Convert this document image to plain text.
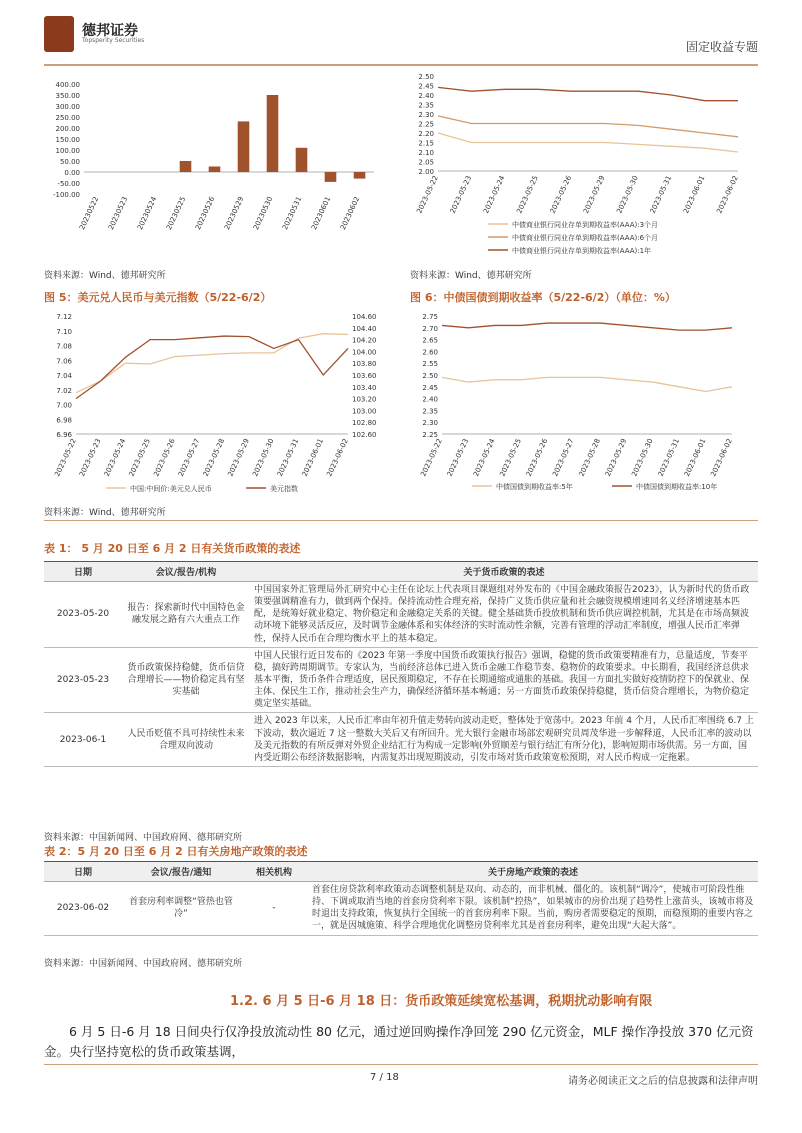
德邦证券
Topsperity Securities	固定收益专题
400.00
350.00
300.00
250.00
200.00
150.00
100.00
50.00
0.00
-50.00
-100.00
20230522 20230523 20230524 20230525 20230526 20230529 20230530 20230531 20230601 20230602
2.50
2.45
2.40
2.35
2.30
2.25
2.20
2.15
2.10
2.05
2.00
2023-05-22 2023-05-23 2023-05-24 2023-05-25 2023-05-26 2023-05-29 2023-05-30 2023-05-31 2023-06-01 2023-06-02
中债商业银行同业存单到期收益率(AAA):3个月
中债商业银行同业存单到期收益率(AAA):6个月
中债商业银行同业存单到期收益率(AAA):1年
资料来源：Wind、德邦研究所	资料来源：Wind、德邦研究所
图 5：美元兑人民币与美元指数（5/22-6/2）	图 6：中债国债到期收益率（5/22-6/2）（单位：%）
7.12
7.10
7.08
7.06
7.04
7.02
7.00
6.98
6.96
104.60
104.40
104.20
104.00
103.80
103.60
103.40
103.20
103.00
102.80
102.60
2023-05-22 2023-05-23 2023-05-24 2023-05-25 2023-05-26 2023-05-27 2023-05-28 2023-05-29 2023-05-30 2023-05-31 2023-06-01 2023-06-02
中国:中间价:美元兑人民币	美元指数
2.75
2.70
2.65
2.60
2.55
2.50
2.45
2.40
2.35
2.30
2.25
2023-05-22 2023-05-23 2023-05-24 2023-05-25 2023-05-26 2023-05-27 2023-05-28 2023-05-29 2023-05-30 2023-05-31 2023-06-01 2023-06-02
中债国债到期收益率:5年	中债国债到期收益率:10年
资料来源：Wind、德邦研究所
表 1： 5 月 20 日至 6 月 2 日有关货币政策的表述
日期	会议/报告/机构	关于货币政策的表述
2023-05-20	报告：探索新时代中国特色金融发展之路有六大重点工作	中国国家外汇管理局外汇研究中心主任在论坛上代表项目课题组对外发布的《中国金融政策报告2023》，认为新时代的货币政策要强调精准有力，做到两个保持。保持流动性合理充裕，保持广义货币供应量和社会融资规模增速同名义经济增速基本匹配，是统筹好就业稳定、物价稳定和金融稳定关系的关键。健全基础货币投放机制和货币供应调控机制，尤其是在市场高频波动环境下能够灵活反应，及时调节金融体系和实体经济的实时流动性余额，完善有管理的浮动汇率制度，增强人民币汇率弹性，保持人民币在合理均衡水平上的基本稳定。
2023-05-23	货币政策保持稳健，货币信贷合理增长——物价稳定具有坚实基础	中国人民银行近日发布的《2023 年第一季度中国货币政策执行报告》强调，稳健的货币政策要精准有力，总量适度，节奏平稳，搞好跨周期调节。专家认为，当前经济总体已进入货币金融工作稳节奏、稳物价的政策要求。中长期看，我国经济总供求基本平衡，货币条件合理适度，居民预期稳定，不存在长期通缩或通胀的基础。我国一方面扎实做好疫情防控下的保就业、保主体、保民生工作，推动社会生产力，确保经济循环基本畅通；另一方面货币政策保持稳健，货币信贷合理增长，为物价稳定奠定坚实基础。
2023-06-1	人民币贬值不具可持续性未来合理双向波动	进入 2023 年以来，人民币汇率由年初升值走势转向波动走贬，整体处于宽荡中。2023 年前 4 个月，人民币汇率围绕 6.7 上下波动，数次逼近 7 这一整数大关后又有所回升。光大银行金融市场部宏观研究员周茂华进一步解释道，人民币汇率的波动以及美元指数的有所反弹对外贸企业结汇行为构成一定影响(外贸顺差与银行结汇有所分化)，影响短期市场供需。另一方面，国内受近期公布经济数据影响，内需复苏出现短期波动，引发市场对货币政策宽松预期，对人民币构成一定拖累。
资料来源：中国新闻网、中国政府网、德邦研究所
表 2：5 月 20 日至 6 月 2 日有关房地产政策的表述
日期	会议/报告/通知	相关机构	关于房地产政策的表述
2023-06-02	首套房利率调整“管热也管冷”	-	首套住房贷款利率政策动态调整机制是双向、动态的，而非机械、僵化的。该机制“调冷”，使城市可阶段性维持、下调或取消当地的首套房贷利率下限。该机制“控热”，如果城市的房价出现了趋势性上涨苗头，该城市将及时退出支持政策，恢复执行全国统一的首套房利率下限。当前，购房者需要稳定的预期，而稳预期的重要内容之一，就是因城施策、科学合理地优化调整房贷利率尤其是首套房利率，避免出现“大起大落”。
资料来源：中国新闻网、中国政府网、德邦研究所
1.2. 6 月 5 日-6 月 18 日：货币政策延续宽松基调，税期扰动影响有限
6 月 5 日-6 月 18 日间央行仅净投放流动性 80 亿元，通过逆回购操作净回笼 290 亿元资金，MLF 操作净投放 370 亿元资金。央行坚持宽松的货币政策基调，
7 / 18	请务必阅读正文之后的信息披露和法律声明
